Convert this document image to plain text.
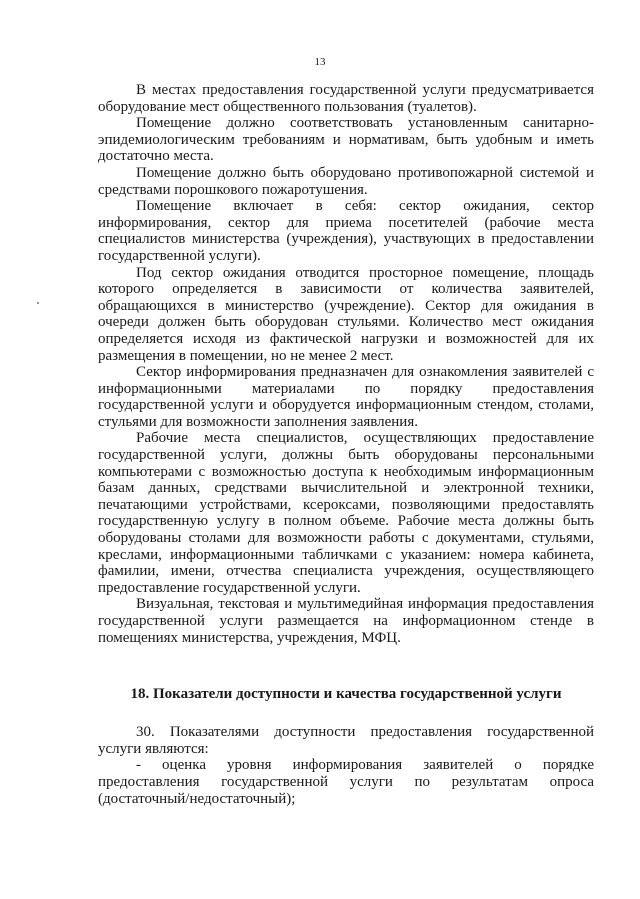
13

В местах предоставления государственной услуги предусматривается оборудование мест общественного пользования (туалетов).

Помещение должно соответствовать установленным санитарно-эпидемиологическим требованиям и нормативам, быть удобным и иметь достаточно места.

Помещение должно быть оборудовано противопожарной системой и средствами порошкового пожаротушения.

Помещение включает в себя: сектор ожидания, сектор информирования, сектор для приема посетителей (рабочие места специалистов министерства (учреждения), участвующих в предоставлении государственной услуги).

Под сектор ожидания отводится просторное помещение, площадь которого определяется в зависимости от количества заявителей, обращающихся в министерство (учреждение). Сектор для ожидания в очереди должен быть оборудован стульями. Количество мест ожидания определяется исходя из фактической нагрузки и возможностей для их размещения в помещении, но не менее 2 мест.

Сектор информирования предназначен для ознакомления заявителей с информационными материалами по порядку предоставления государственной услуги и оборудуется информационным стендом, столами, стульями для возможности заполнения заявления.

Рабочие места специалистов, осуществляющих предоставление государственной услуги, должны быть оборудованы персональными компьютерами с возможностью доступа к необходимым информационным базам данных, средствами вычислительной и электронной техники, печатающими устройствами, ксероксами, позволяющими предоставлять государственную услугу в полном объеме. Рабочие места должны быть оборудованы столами для возможности работы с документами, стульями, креслами, информационными табличками с указанием: номера кабинета, фамилии, имени, отчества специалиста учреждения, осуществляющего предоставление государственной услуги.

Визуальная, текстовая и мультимедийная информация предоставления государственной услуги размещается на информационном стенде в помещениях министерства, учреждения, МФЦ.

18. Показатели доступности и качества государственной услуги

30. Показателями доступности предоставления государственной услуги являются:

- оценка уровня информирования заявителей о порядке предоставления государственной услуги по результатам опроса (достаточный/недостаточный);
